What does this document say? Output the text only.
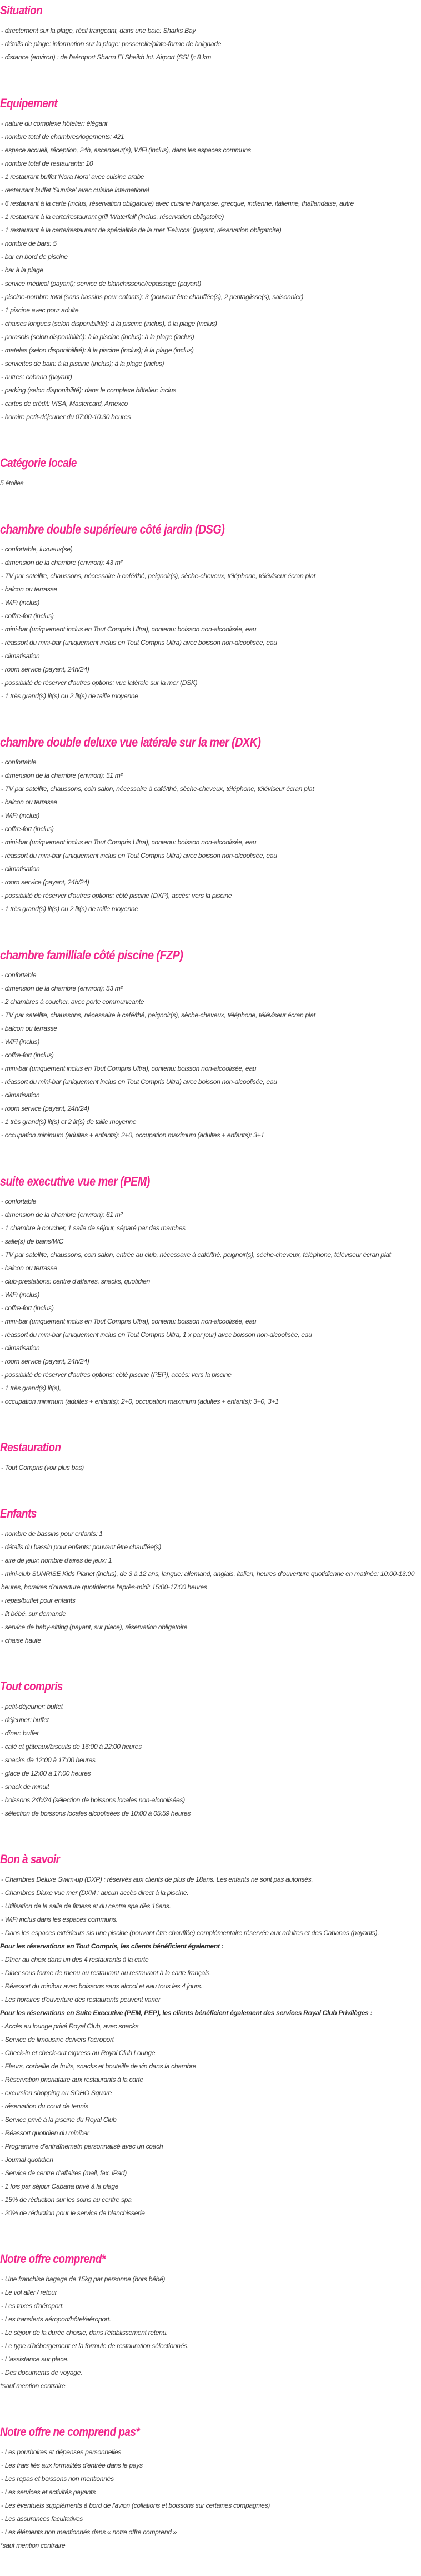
Situation
- directement sur la plage, récif frangeant, dans une baie: Sharks Bay
- détails de plage: information sur la plage: passerelle/plate-forme de baignade
- distance (environ) : de l'aéroport Sharm El Sheikh Int. Airport (SSH): 8 km
Equipement
- nature du complexe hôtelier: élégant
- nombre total de chambres/logements: 421
- espace accueil, réception, 24h, ascenseur(s), WiFi (inclus), dans les espaces communs
- nombre total de restaurants: 10
- 1 restaurant buffet 'Nora Nora' avec cuisine arabe
- restaurant buffet 'Sunrise' avec cuisine international
- 6 restaurant à la carte (inclus, réservation obligatoire) avec cuisine française, grecque, indienne, italienne, thaïlandaise, autre
- 1 restaurant à la carte/restaurant grill 'Waterfall' (inclus, réservation obligatoire)
- 1 restaurant à la carte/restaurant de spécialités de la mer 'Felucca' (payant, réservation obligatoire)
- nombre de bars: 5
- bar en bord de piscine
- bar à la plage
- service médical (payant); service de blanchisserie/repassage (payant)
- piscine-nombre total (sans bassins pour enfants): 3 (pouvant être chauffée(s), 2 pentaglisse(s), saisonnier)
- 1 piscine avec pour adulte
- chaises longues (selon disponibillité): à la piscine (inclus), à la plage (inclus)
- parasols (selon disponibilité): à la piscine (inclus); à la plage (inclus)
- matelas (selon disponibillité): à la piscine (inclus); à la plage (inclus)
- serviettes de bain: à la piscine (inclus); à la plage (inclus)
- autres: cabana (payant)
- parking (selon disponibilité): dans le complexe hôtelier: inclus
- cartes de crédit: VISA, Mastercard, Amexco
- horaire petit-déjeuner du 07:00-10:30 heures
Catégorie locale
5 étoiles
chambre double supérieure côté jardin (DSG)
- confortable, luxueux(se)
- dimension de la chambre (environ): 43 m²
- TV par satellite, chaussons, nécessaire à café/thé, peignoir(s), sèche-cheveux, téléphone, téléviseur écran plat
- balcon ou terrasse
- WiFi (inclus)
- coffre-fort (inclus)
- mini-bar (uniquement inclus en Tout Compris Ultra), contenu: boisson non-alcoolisée, eau
- réassort du mini-bar (uniquement inclus en Tout Compris Ultra) avec boisson non-alcoolisée, eau
- climatisation
- room service (payant, 24h/24)
- possibilité de réserver d'autres options: vue latérale sur la mer (DSK)
- 1 très grand(s) lit(s) ou 2 lit(s) de taille moyenne
chambre double deluxe vue latérale sur la mer (DXK)
- confortable
- dimension de la chambre (environ): 51 m²
- TV par satellite, chaussons, coin salon, nécessaire à café/thé, sèche-cheveux, téléphone, téléviseur écran plat
- balcon ou terrasse
- WiFi (inclus)
- coffre-fort (inclus)
- mini-bar (uniquement inclus en Tout Compris Ultra), contenu: boisson non-alcoolisée, eau
- réassort du mini-bar (uniquement inclus en Tout Compris Ultra) avec boisson non-alcoolisée, eau
- climatisation
- room service (payant, 24h/24)
- possibilité de réserver d'autres options: côté piscine (DXP), accès: vers la piscine
- 1 très grand(s) lit(s) ou 2 lit(s) de taille moyenne
chambre familliale côté piscine (FZP)
- confortable
- dimension de la chambre (environ): 53 m²
- 2 chambres à coucher, avec porte communicante
- TV par satellite, chaussons, nécessaire à café/thé, peignoir(s), sèche-cheveux, téléphone, téléviseur écran plat
- balcon ou terrasse
- WiFi (inclus)
- coffre-fort (inclus)
- mini-bar (uniquement inclus en Tout Compris Ultra), contenu: boisson non-alcoolisée, eau
- réassort du mini-bar (uniquement inclus en Tout Compris Ultra) avec boisson non-alcoolisée, eau
- climatisation
- room service (payant, 24h/24)
- 1 très grand(s) lit(s) et 2 lit(s) de taille moyenne
- occupation minimum (adultes + enfants): 2+0, occupation maximum (adultes + enfants): 3+1
suite executive vue mer (PEM)
- confortable
- dimension de la chambre (environ): 61 m²
- 1 chambre à coucher, 1 salle de séjour, séparé par des marches
- salle(s) de bains/WC
- TV par satellite, chaussons, coin salon, entrée au club, nécessaire à café/thé, peignoir(s), sèche-cheveux, téléphone, téléviseur écran plat
- balcon ou terrasse
- club-prestations: centre d'affaires, snacks, quotidien
- WiFi (inclus)
- coffre-fort (inclus)
- mini-bar (uniquement inclus en Tout Compris Ultra), contenu: boisson non-alcoolisée, eau
- réassort du mini-bar (uniquement inclus en Tout Compris Ultra, 1 x par jour) avec boisson non-alcoolisée, eau
- climatisation
- room service (payant, 24h/24)
- possibilité de réserver d'autres options: côté piscine (PEP), accès: vers la piscine
- 1 très grand(s) lit(s),
- occupation minimum (adultes + enfants): 2+0, occupation maximum (adultes + enfants): 3+0, 3+1
Restauration
- Tout Compris (voir plus bas)
Enfants
- nombre de bassins pour enfants: 1
- détails du bassin pour enfants: pouvant être chauffée(s)
- aire de jeux: nombre d'aires de jeux: 1
- mini-club SUNRISE Kids Planet (inclus), de 3 à 12 ans, langue: allemand, anglais, italien, heures d'ouverture quotidienne en matinée: 10:00-13:00 heures, horaires d'ouverture quotidienne l'après-midi: 15:00-17:00 heures
- repas/buffet pour enfants
- lit bébé, sur demande
- service de baby-sitting (payant, sur place), réservation obligatoire
- chaise haute
Tout compris
- petit-déjeuner: buffet
- déjeuner: buffet
- dîner: buffet
- café et gâteaux/biscuits de 16:00 à 22:00 heures
- snacks de 12:00 à 17:00 heures
- glace de 12:00 à 17:00 heures
- snack de minuit
- boissons 24h/24 (sélection de boissons locales non-alcoolisées)
- sélection de boissons locales alcoolisées de 10:00 à 05:59 heures
Bon à savoir
- Chambres Deluxe Swim-up (DXP) : réservés aux clients de plus de 18ans. Les enfants ne sont pas autorisés.
- Chambres Dluxe vue mer (DXM : aucun accès direct à la piscine.
- Utilisation de la salle de fitness et du centre spa dès 16ans.
- WiFi inclus dans les espaces communs.
- Dans les espaces extérieurs sis une piscine (pouvant être chauffée) complémentaire réservée aux adultes et des Cabanas (payants).
Pour les réservations en Tout Compris, les clients bénéficient également :
- Dîner au choix dans un des 4 restaurants à la carte
- Diner sous forme de menu au restaurant au restaurant à la carte français.
- Réassort du minibar avec boissons sans alcool et eau tous les 4 jours.
- Les horaires d'ouverture des restaurants peuvent varier
Pour les réservations en Suite Executive (PEM, PEP), les clients bénéficient également des services Royal Club Privilèges :
- Accès au lounge privé Royal Club, avec snacks
- Service de limousine de/vers l'aéroport
- Check-in et check-out express au Royal Club Lounge
- Fleurs, corbeille de fruits, snacks et bouteille de vin dans la chambre
- Réservation prioriataire aux restaurants à la carte
- excursion shopping au SOHO Square
- réservation du court de tennis
- Service privé à la piscine du Royal Club
- Réassort quotidien du minibar
- Programme d'entraînemetn personnalisé avec un coach
- Journal quotidien
- Service de centre d'affaires (mail, fax, iPad)
- 1 fois par séjour Cabana privé à la plage
- 15% de réduction sur les soins au centre spa
- 20% de réduction pour le service de blanchisserie
Notre offre comprend*
- Une franchise bagage de 15kg par personne (hors bébé)
- Le vol aller / retour
- Les taxes d'aéroport.
- Les transferts aéroport/hôtel/aéroport.
- Le séjour de la durée choisie, dans l'établissement retenu.
- Le type d'hébergement et la formule de restauration sélectionnés.
- L'assistance sur place.
- Des documents de voyage.
*sauf mention contraire
Notre offre ne comprend pas*
- Les pourboires et dépenses personnelles
- Les frais liés aux formalités d'entrée dans le pays
- Les repas et boissons non mentionnés
- Les services et activités payants
- Les éventuels suppléments à bord de l'avion (collations et boissons sur certaines compagnies)
- Les assurances facultatives
- Les éléments non mentionnés dans « notre offre comprend »
*sauf mention contraire
